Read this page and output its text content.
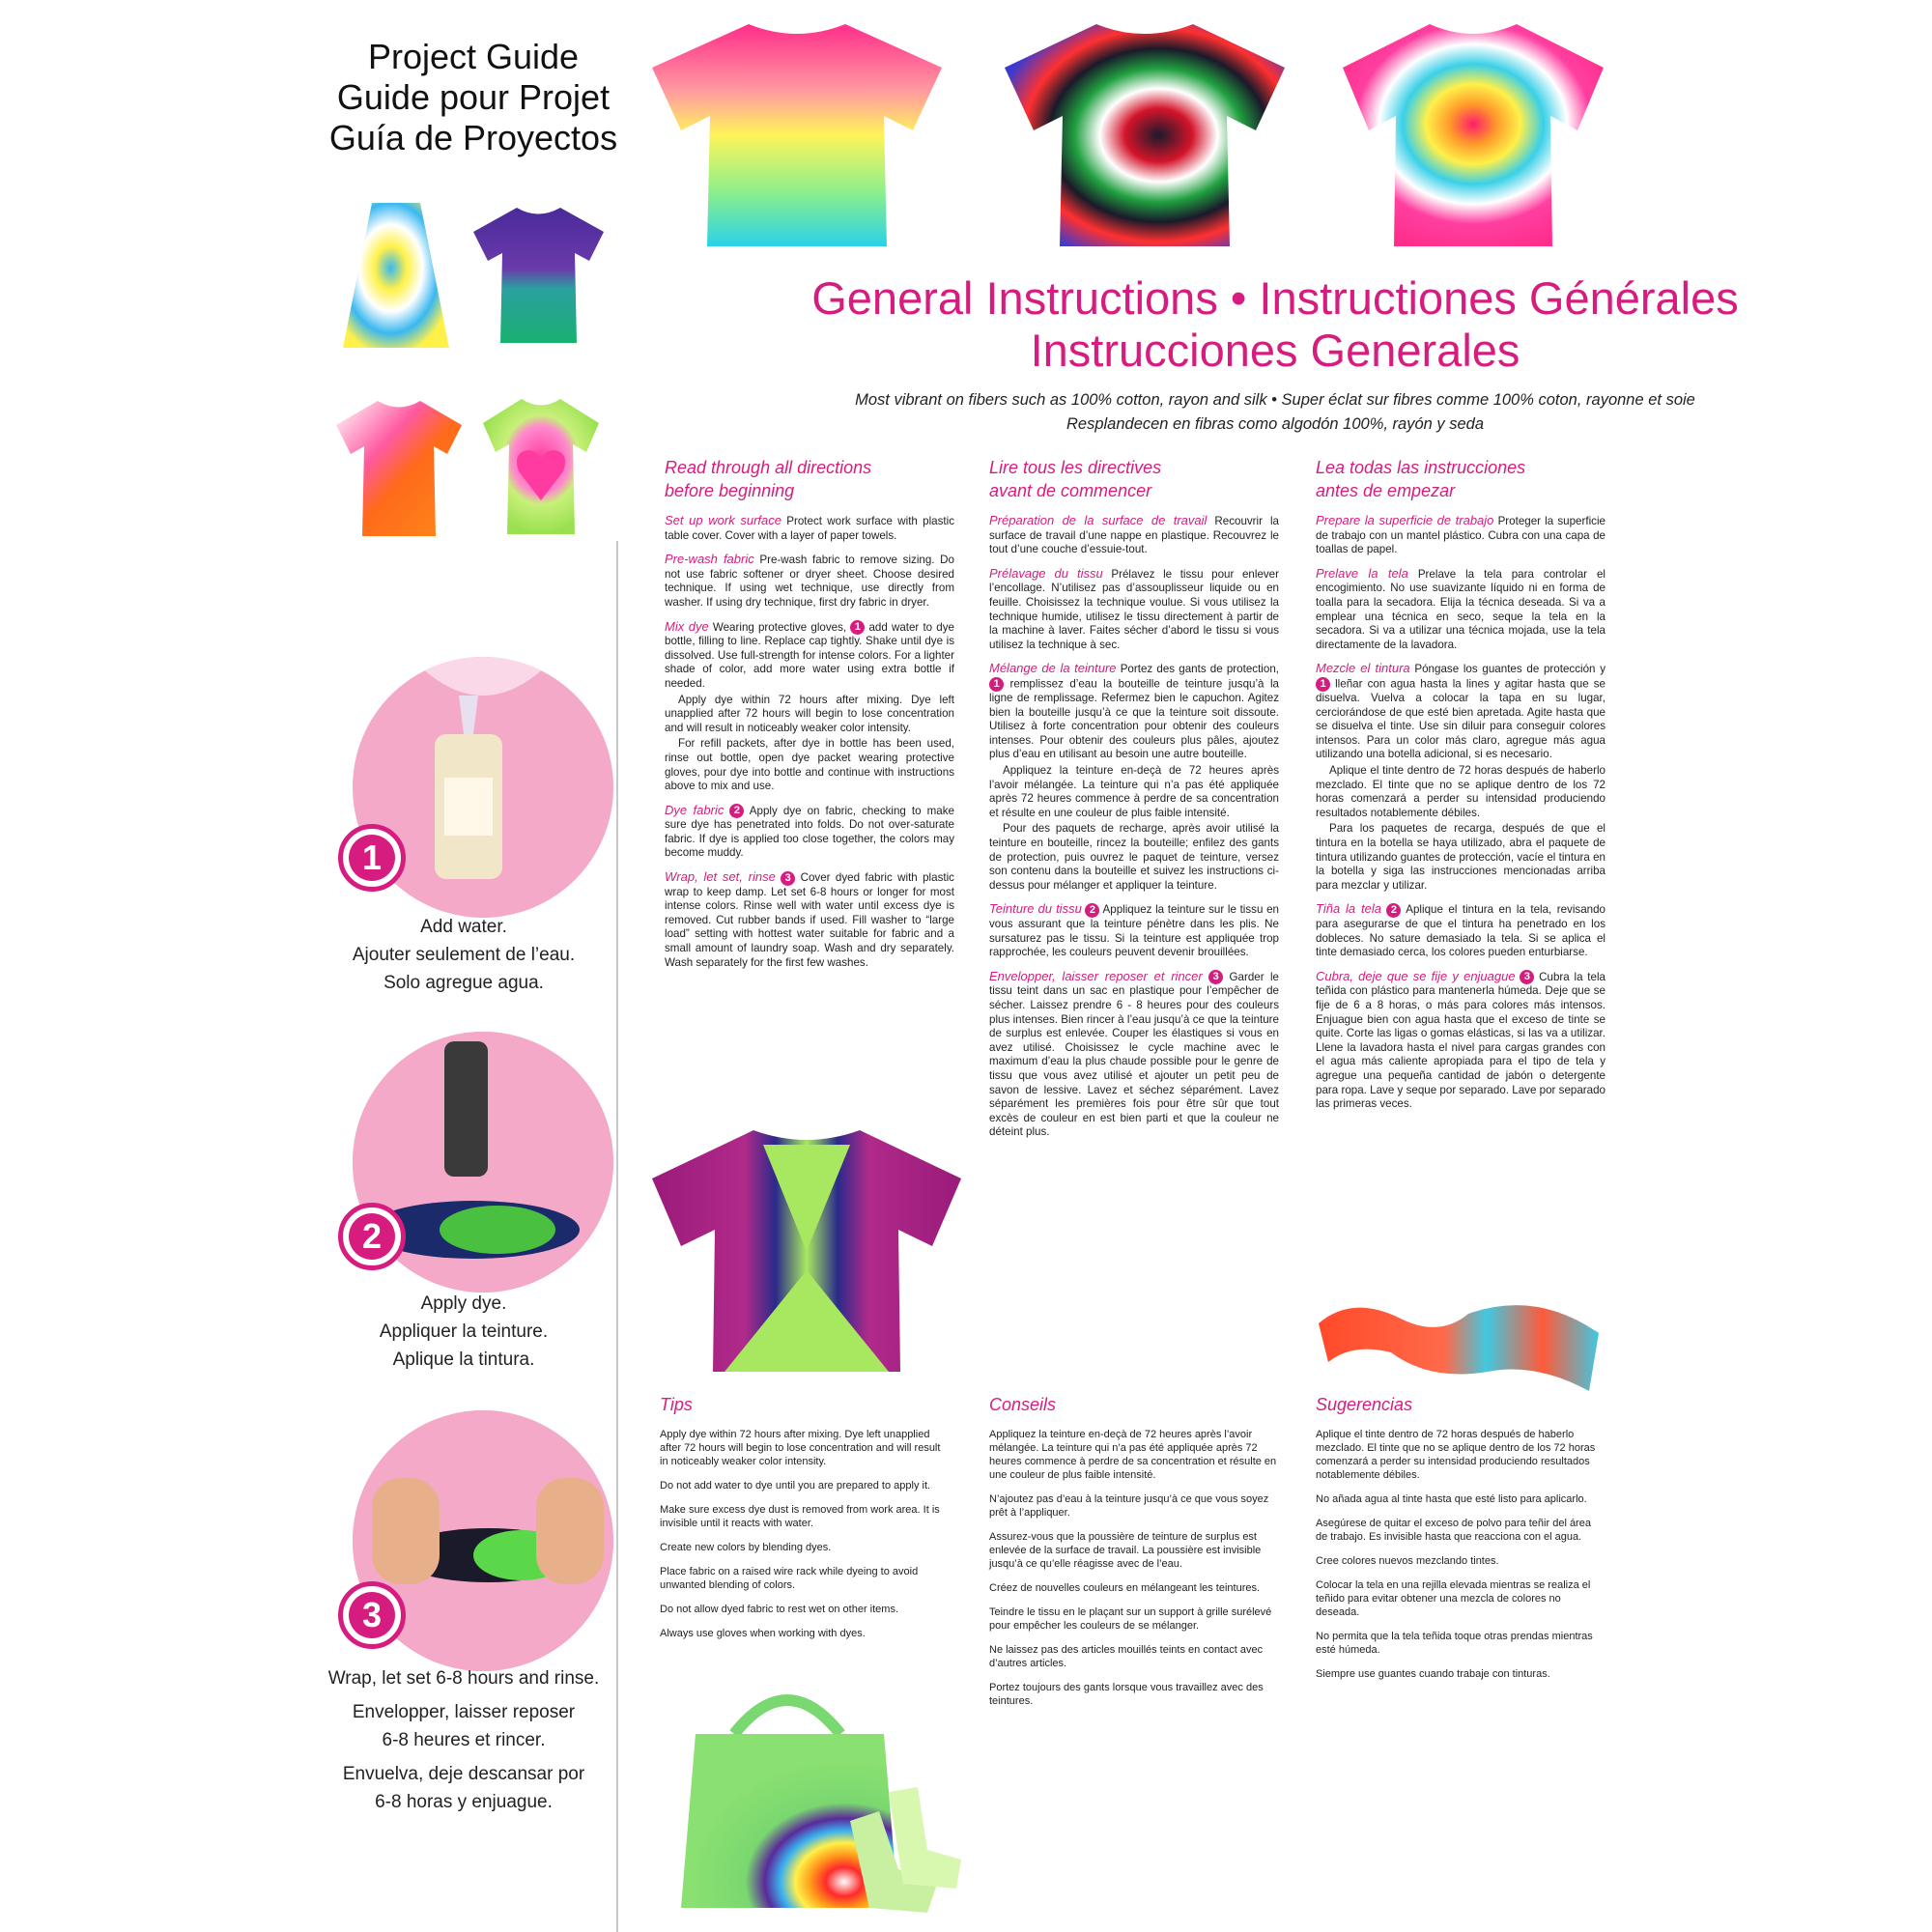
Project Guide
Guide pour Projet
Guía de Proyectos
1
Add water.
Ajouter seulement de l’eau.
Solo agregue agua.
2
Apply dye.
Appliquer la teinture.
Aplique la tintura.
3
Wrap, let set 6-8 hours and rinse.
Envelopper, laisser reposer
6-8 heures et rincer.
Envuelva, deje descansar por
6-8 horas y enjuague.
General Instructions • Instructiones Générales
Instrucciones Generales
Most vibrant on fibers such as 100% cotton, rayon and silk • Super éclat sur fibres comme 100% coton, rayonne et soie
Resplandecen en fibras como algodón 100%, rayón y seda
Read through all directions
before beginning

Set up work surface Protect work surface with plastic table cover. Cover with a layer of paper towels.

Pre-wash fabric Pre-wash fabric to remove sizing. Do not use fabric softener or dryer sheet. Choose desired technique. If using wet technique, use directly from washer. If using dry technique, first dry fabric in dryer.

Mix dye Wearing protective gloves, 1 add water to dye bottle, filling to line. Replace cap tightly. Shake until dye is dissolved. Use full-strength for intense colors. For a lighter shade of color, add more water using extra bottle if needed.

Apply dye within 72 hours after mixing. Dye left unapplied after 72 hours will begin to lose concentration and will result in noticeably weaker color intensity.

For refill packets, after dye in bottle has been used, rinse out bottle, open dye packet wearing protective gloves, pour dye into bottle and continue with instructions above to mix and use.

Dye fabric 2 Apply dye on fabric, checking to make sure dye has penetrated into folds. Do not over-saturate fabric. If dye is applied too close together, the colors may become muddy.

Wrap, let set, rinse 3 Cover dyed fabric with plastic wrap to keep damp. Let set 6-8 hours or longer for most intense colors. Rinse well with water until excess dye is removed. Cut rubber bands if used. Fill washer to “large load” setting with hottest water suitable for fabric and a small amount of laundry soap. Wash and dry separately. Wash separately for the first few washes.

Lire tous les directives
avant de commencer

Préparation de la surface de travail Recouvrir la surface de travail d’une nappe en plastique. Recouvrez le tout d’une couche d’essuie-tout.

Prélavage du tissu Prélavez le tissu pour enlever l’encollage. N’utilisez pas d’assouplisseur liquide ou en feuille. Choisissez la technique voulue. Si vous utilisez la technique humide, utilisez le tissu directement à partir de la machine à laver. Faites sécher d’abord le tissu si vous utilisez la technique à sec.

Mélange de la teinture Portez des gants de protection, 1 remplissez d’eau la bouteille de teinture jusqu’à la ligne de remplissage. Refermez bien le capuchon. Agitez bien la bouteille jusqu’à ce que la teinture soit dissoute. Utilisez à forte concentration pour obtenir des couleurs intenses. Pour obtenir des couleurs plus pâles, ajoutez plus d’eau en utilisant au besoin une autre bouteille.

Appliquez la teinture en-deçà de 72 heures après l’avoir mélangée. La teinture qui n’a pas été appliquée après 72 heures commence à perdre de sa concentration et résulte en une couleur de plus faible intensité.

Pour des paquets de recharge, après avoir utilisé la teinture en bouteille, rincez la bouteille; enfilez des gants de protection, puis ouvrez le paquet de teinture, versez son contenu dans la bouteille et suivez les instructions ci-dessus pour mélanger et appliquer la teinture.

Teinture du tissu 2 Appliquez la teinture sur le tissu en vous assurant que la teinture pénètre dans les plis. Ne sursaturez pas le tissu. Si la teinture est appliquée trop rapprochée, les couleurs peuvent devenir brouillées.

Envelopper, laisser reposer et rincer 3 Garder le tissu teint dans un sac en plastique pour l’empêcher de sécher. Laissez prendre 6 - 8 heures pour des couleurs plus intenses. Bien rincer à l’eau jusqu’à ce que la teinture de surplus est enlevée. Couper les élastiques si vous en avez utilisé. Choisissez le cycle machine avec le maximum d’eau la plus chaude possible pour le genre de tissu que vous avez utilisé et ajouter un petit peu de savon de lessive. Lavez et séchez séparément. Lavez séparément les premières fois pour être sûr que tout excès de couleur en est bien parti et que la couleur ne déteint plus.

Lea todas las instrucciones
antes de empezar

Prepare la superficie de trabajo Proteger la superficie de trabajo con un mantel plástico. Cubra con una capa de toallas de papel.

Prelave la tela Prelave la tela para controlar el encogimiento. No use suavizante líquido ni en forma de toalla para la secadora. Elija la técnica deseada. Si va a emplear una técnica en seco, seque la tela en la secadora. Si va a utilizar una técnica mojada, use la tela directamente de la lavadora.

Mezcle el tintura Póngase los guantes de protección y 1 lleñar con agua hasta la lines y agitar hasta que se disuelva. Vuelva a colocar la tapa en su lugar, cerciorándose de que esté bien apretada. Agite hasta que se disuelva el tinte. Use sin diluir para conseguir colores intensos. Para un color más claro, agregue más agua utilizando una botella adicional, si es necesario.

Aplique el tinte dentro de 72 horas después de haberlo mezclado. El tinte que no se aplique dentro de los 72 horas comenzará a perder su intensidad produciendo resultados notablemente débiles.

Para los paquetes de recarga, después de que el tintura en la botella se haya utilizado, abra el paquete de tintura utilizando guantes de protección, vacíe el tintura en la botella y siga las instrucciones mencionadas arriba para mezclar y utilizar.

Tiña la tela 2 Aplique el tintura en la tela, revisando para asegurarse de que el tintura ha penetrado en los dobleces. No sature demasiado la tela. Si se aplica el tinte demasiado cerca, los colores pueden enturbiarse.

Cubra, deje que se fije y enjuague 3 Cubra la tela teñida con plástico para mantenerla húmeda. Deje que se fije de 6 a 8 horas, o más para colores más intensos. Enjuague bien con agua hasta que el exceso de tinte se quite. Corte las ligas o gomas elásticas, si las va a utilizar. Llene la lavadora hasta el nivel para cargas grandes con el agua más caliente apropiada para el tipo de tela y agregue una pequeña cantidad de jabón o detergente para ropa. Lave y seque por separado. Lave por separado las primeras veces.

Tips

Apply dye within 72 hours after mixing. Dye left unapplied after 72 hours will begin to lose concentration and will result in noticeably weaker color intensity.

Do not add water to dye until you are prepared to apply it.

Make sure excess dye dust is removed from work area. It is invisible until it reacts with water.

Create new colors by blending dyes.

Place fabric on a raised wire rack while dyeing to avoid unwanted blending of colors.

Do not allow dyed fabric to rest wet on other items.

Always use gloves when working with dyes.

Conseils

Appliquez la teinture en-deçà de 72 heures après l’avoir mélangée. La teinture qui n’a pas été appliquée après 72 heures commence à perdre de sa concentration et résulte en une couleur de plus faible intensité.

N’ajoutez pas d’eau à la teinture jusqu’à ce que vous soyez prêt à l’appliquer.

Assurez-vous que la poussière de teinture de surplus est enlevée de la surface de travail. La poussière est invisible jusqu’à ce qu’elle réagisse avec de l’eau.

Créez de nouvelles couleurs en mélangeant les teintures.

Teindre le tissu en le plaçant sur un support à grille surélevé pour empêcher les couleurs de se mélanger.

Ne laissez pas des articles mouillés teints en contact avec d’autres articles.

Portez toujours des gants lorsque vous travaillez avec des teintures.

Sugerencias

Aplique el tinte dentro de 72 horas después de haberlo mezclado. El tinte que no se aplique dentro de los 72 horas comenzará a perder su intensidad produciendo resultados notablemente débiles.

No añada agua al tinte hasta que esté listo para aplicarlo.

Asegúrese de quitar el exceso de polvo para teñir del área de trabajo. Es invisible hasta que reacciona con el agua.

Cree colores nuevos mezclando tintes.

Colocar la tela en una rejilla elevada mientras se realiza el teñido para evitar obtener una mezcla de colores no deseada.

No permita que la tela teñida toque otras prendas mientras esté húmeda.

Siempre use guantes cuando trabaje con tinturas.
